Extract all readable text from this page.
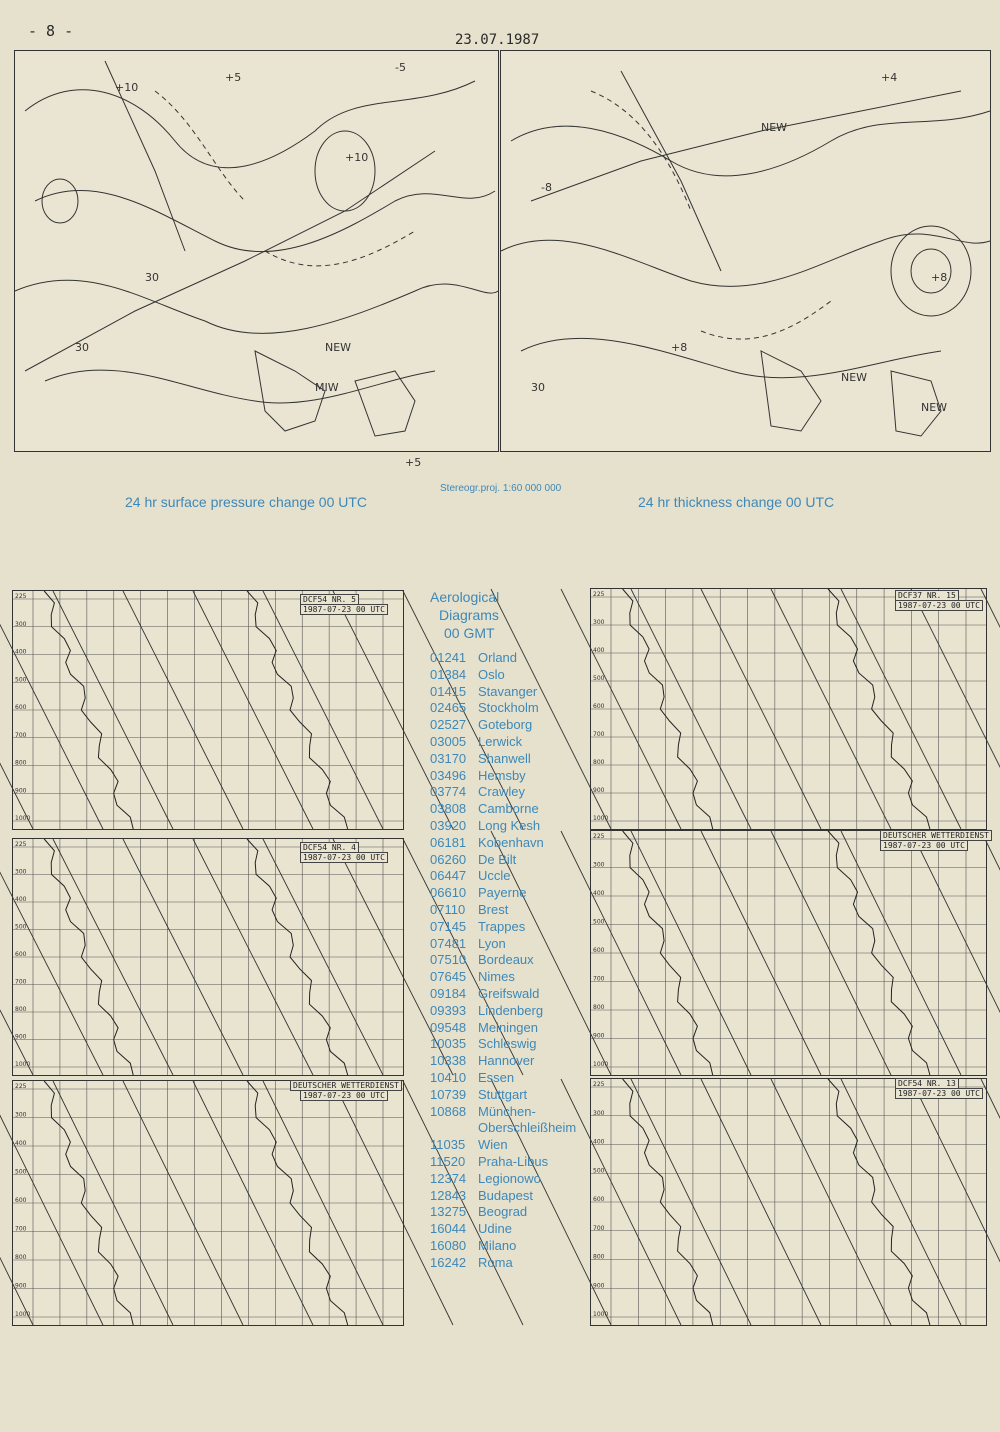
- 8 -	23.07.1987
+10
+5
-5
+10
30
30
MIW
NEW
+5
+4
NEW
-8
+8
30
NEW
NEW
+8
Stereogr.proj. 1:60 000 000
24 hr surface pressure change 00 UTC	24 hr thickness change 00 UTC
225
300
400
500
600
700
800
900
1000
DCF54 NR. 5
1987-07-23 00 UTC
225
300
400
500
600
700
800
900
1000
DCF54 NR. 4
1987-07-23 00 UTC
225
300
400
500
600
700
800
900
1000
DEUTSCHER WETTERDIENST
1987-07-23 00 UTC
225
300
400
500
600
700
800
900
1000
DCF37 NR. 15
1987-07-23 00 UTC
225
300
400
500
600
700
800
900
1000
DEUTSCHER WETTERDIENST
1987-07-23 00 UTC
225
300
400
500
600
700
800
900
1000
DCF54 NR. 13
1987-07-23 00 UTC
Aerological
Diagrams
00 GMT
01241 Orland
01384 Oslo
01415 Stavanger
02465 Stockholm
02527 Goteborg
03005 Lerwick
03170 Shanwell
03496 Hemsby
03774 Crawley
03808 Camborne
03920 Long Kesh
06181 Kobenhavn
06260 De Bilt
06447 Uccle
06610 Payerne
07110 Brest
07145 Trappes
07481 Lyon
07510 Bordeaux
07645 Nimes
09184 Greifswald
09393 Lindenberg
09548 Meiningen
10035 Schleswig
10338 Hannover
10410 Essen
10739 Stuttgart
10868 München-
Oberschleißheim
11035 Wien
11520 Praha-Libus
12374 Legionowo
12843 Budapest
13275 Beograd
16044 Udine
16080 Milano
16242 Roma
